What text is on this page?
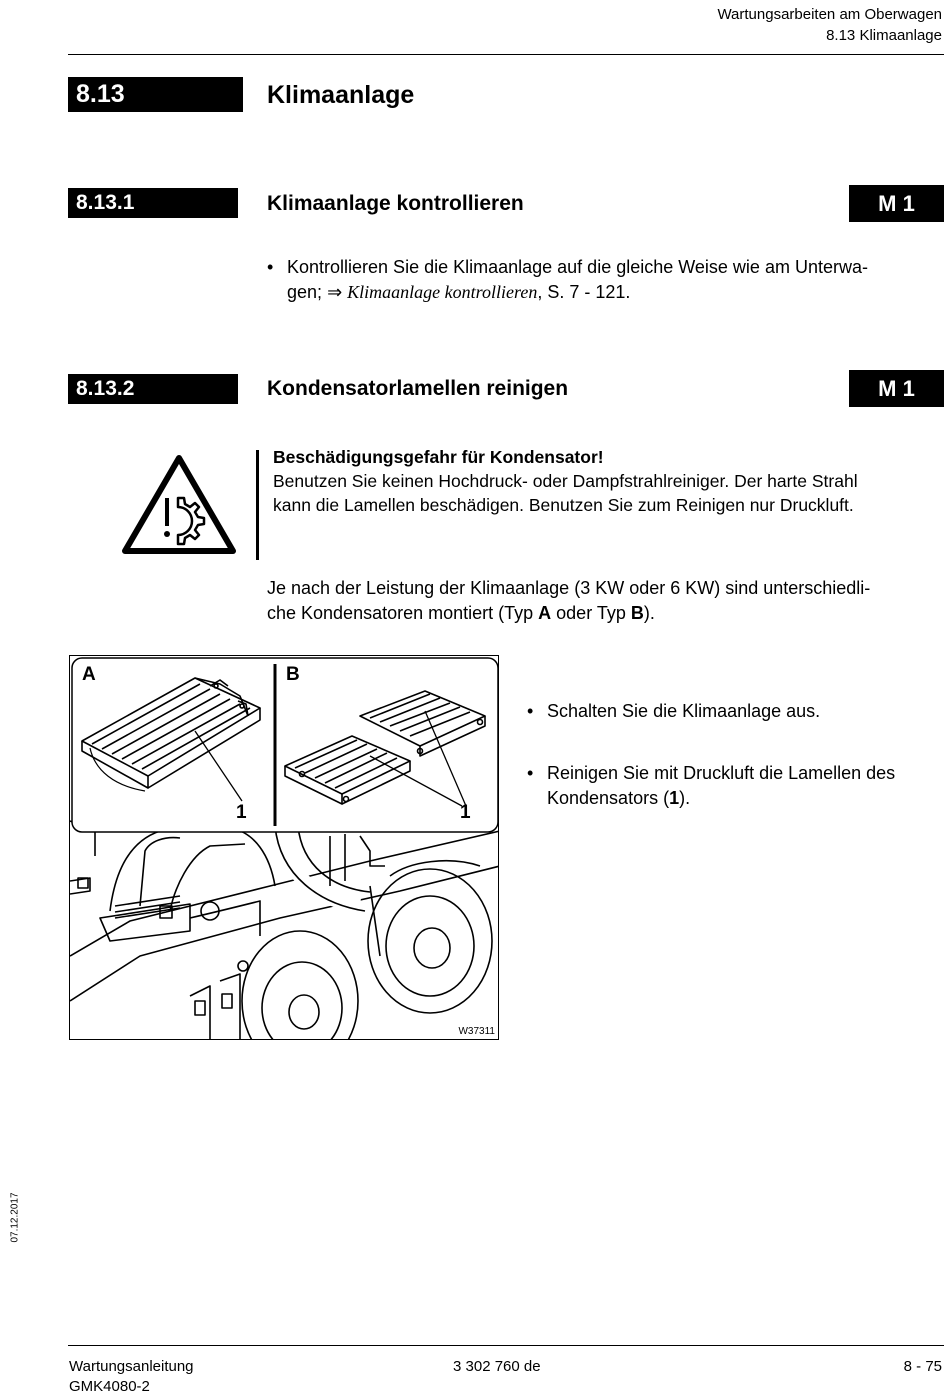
Wartungsarbeiten am Oberwagen
8.13 Klimaanlage
8.13	Klimaanlage
8.13.1	Klimaanlage kontrollieren	M 1
• Kontrollieren Sie die Klimaanlage auf die gleiche Weise wie am Unterwa-
gen; ⇒ Klimaanlage kontrollieren, S. 7 - 121.
8.13.2	Kondensatorlamellen reinigen	M 1
Beschädigungsgefahr für Kondensator!
Benutzen Sie keinen Hochdruck- oder Dampfstrahlreiniger. Der harte Strahl
kann die Lamellen beschädigen. Benutzen Sie zum Reinigen nur Druckluft.
Je nach der Leistung der Klimaanlage (3 KW oder 6 KW) sind unterschiedli-
che Kondensatoren montiert (Typ A oder Typ B).
• Schalten Sie die Klimaanlage aus.
• Reinigen Sie mit Druckluft die Lamellen des
Kondensators (1).
A	B
1	1
W37311
07.12.2017
Wartungsanleitung
GMK4080-2
3 302 760 de	8 - 75
